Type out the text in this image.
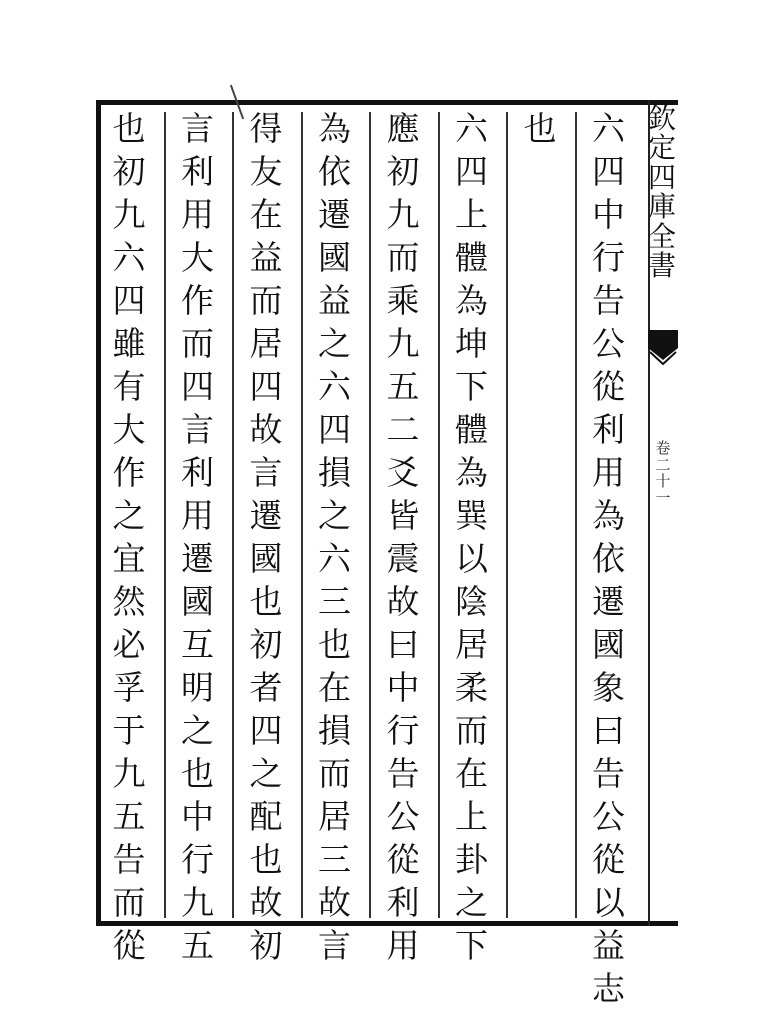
欽
定
四
庫
全
書
卷
二
十
一
六
四
中
行
告
公
從
利
用
為
依
遷
國
象
曰
告
公
從
以
益
志
也
六
四
上
體
為
坤
下
體
為
巽
以
陰
居
柔
而
在
上
卦
之
下
應
初
九
而
乘
九
五
二
爻
皆
震
故
曰
中
行
告
公
從
利
用
為
依
遷
國
益
之
六
四
損
之
六
三
也
在
損
而
居
三
故
言
得
友
在
益
而
居
四
故
言
遷
國
也
初
者
四
之
配
也
故
初
言
利
用
大
作
而
四
言
利
用
遷
國
互
明
之
也
中
行
九
五
也
初
九
六
四
雖
有
大
作
之
宜
然
必
孚
于
九
五
告
而
從
